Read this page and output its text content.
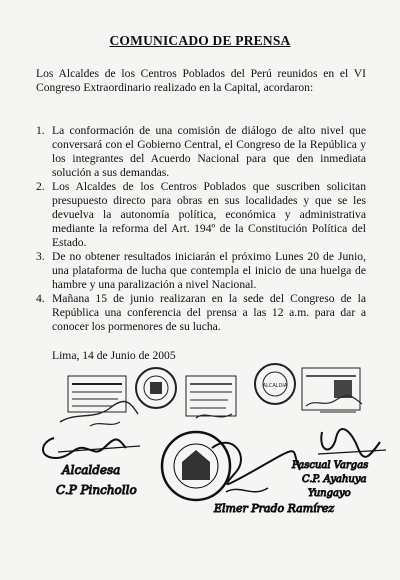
COMUNICADO DE PRENSA
Los Alcaldes de los Centros Poblados del Perú reunidos en el VI Congreso Extraordinario realizado en la Capital, acordaron:
1. La conformación de una comisión de diálogo de alto nivel que conversará con el Gobierno Central, el Congreso de la República y los integrantes del Acuerdo Nacional para que den inmediata solución a sus demandas.
2. Los Alcaldes de los Centros Poblados que suscriben solicitan presupuesto directo para obras en sus localidades y que se les devuelva la autonomía política, económica y administrativa mediante la reforma del Art. 194º de la Constitución Política del Estado.
3. De no obtener resultados iniciarán el próximo Lunes 20 de Junio, una plataforma de lucha que contempla el inicio de una huelga de hambre y una paralización a nivel Nacional.
4. Mañana 15 de junio realizaran en la sede del Congreso de la República una conferencia del prensa a las 12 a.m. para dar a conocer los pormenores de su lucha.
Lima, 14 de Junio de 2005
ALCALDIA
Alcaldesa
C.P Pinchollo
Elmer Prado Ramírez
Pascual Vargas
C.P. Ayahuya
Yungayo
